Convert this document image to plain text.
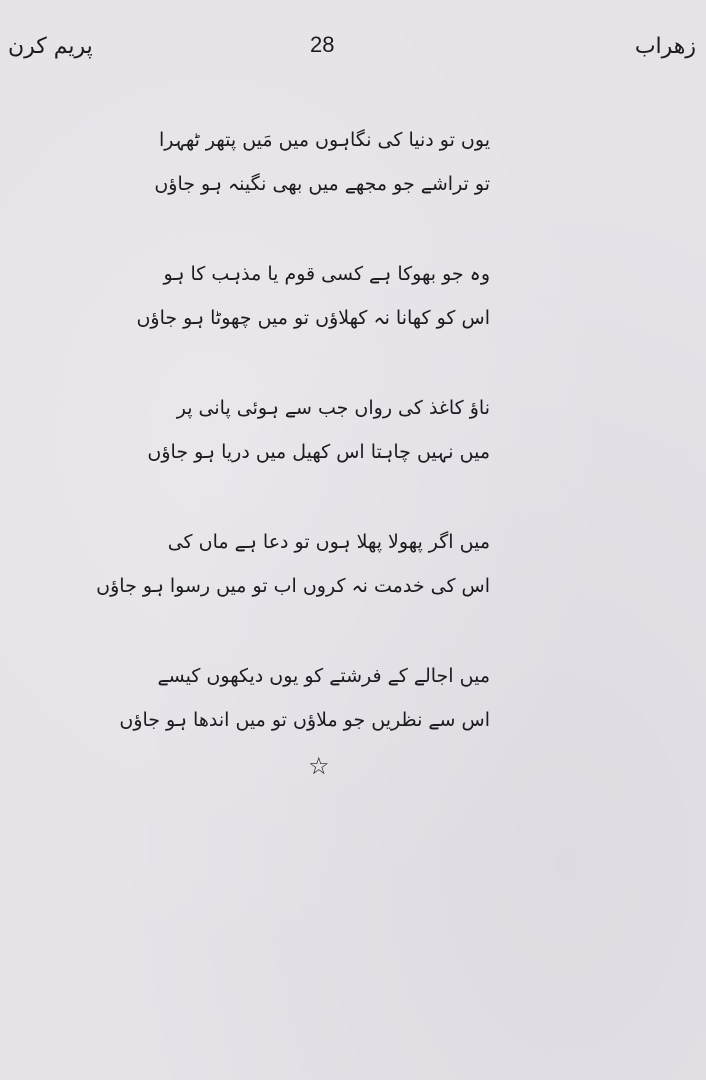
پریم کرن	28	زھراب
یوں تو دنیا کی نگاہوں میں مَیں پتھر ٹھہرا
تو تراشے جو مجھے میں بھی نگینہ ہو جاؤں
وہ جو بھوکا ہے کسی قوم یا مذہب کا ہو
اس کو کھانا نہ کھلاؤں تو میں چھوٹا ہو جاؤں
ناؤ کاغذ کی رواں جب سے ہوئی پانی پر
میں نہیں چاہتا اس کھیل میں دریا ہو جاؤں
میں اگر پھولا پھلا ہوں تو دعا ہے ماں کی
اس کی خدمت نہ کروں اب تو میں رسوا ہو جاؤں
میں اجالے کے فرشتے کو یوں دیکھوں کیسے
اس سے نظریں جو ملاؤں تو میں اندھا ہو جاؤں
☆
